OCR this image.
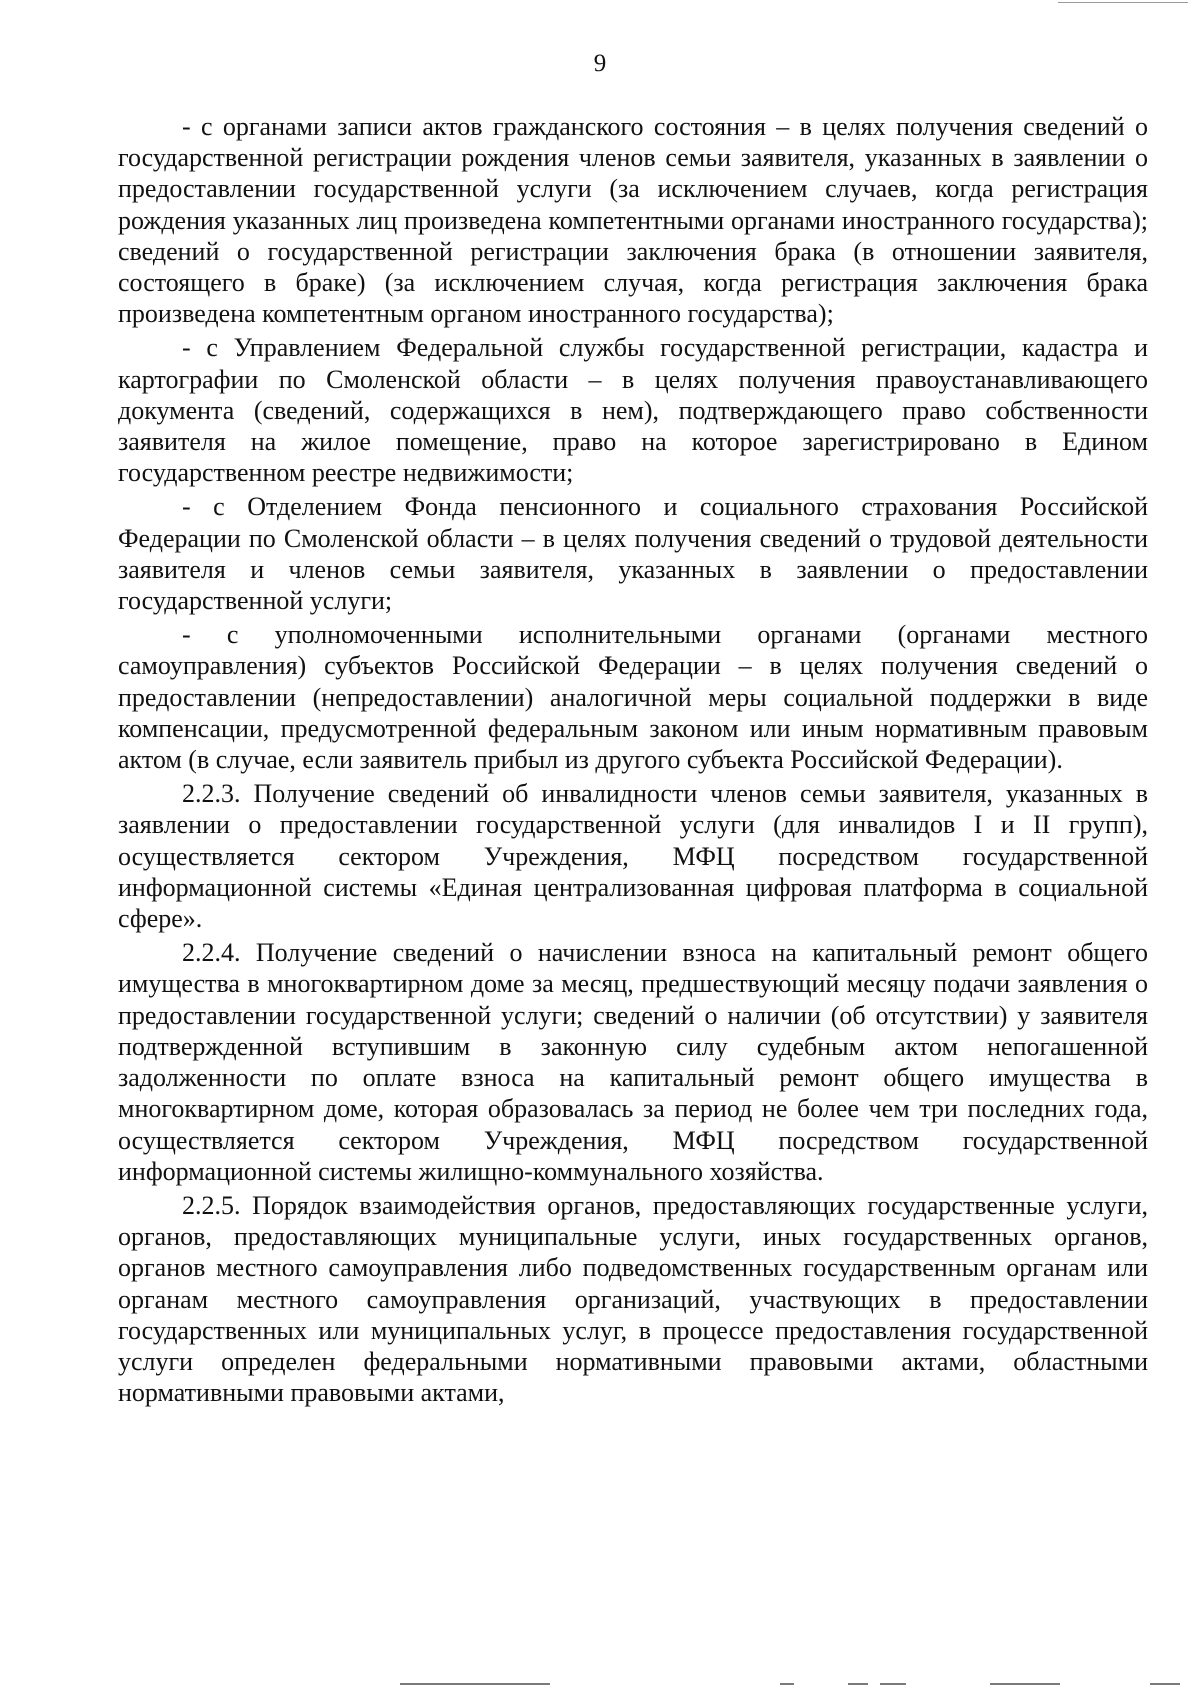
9

- с органами записи актов гражданского состояния – в целях получения сведений о государственной регистрации рождения членов семьи заявителя, указанных в заявлении о предоставлении государственной услуги (за исключением случаев, когда регистрация рождения указанных лиц произведена компетентными органами иностранного государства); сведений о государственной регистрации заключения брака (в отношении заявителя, состоящего в браке) (за исключением случая, когда регистрация заключения брака произведена компетентным органом иностранного государства);

- с Управлением Федеральной службы государственной регистрации, кадастра и картографии по Смоленской области – в целях получения правоустанавливающего документа (сведений, содержащихся в нем), подтверждающего право собственности заявителя на жилое помещение, право на которое зарегистрировано в Едином государственном реестре недвижимости;

- с Отделением Фонда пенсионного и социального страхования Российской Федерации по Смоленской области – в целях получения сведений о трудовой деятельности заявителя и членов семьи заявителя, указанных в заявлении о предоставлении государственной услуги;

- с уполномоченными исполнительными органами (органами местного самоуправления) субъектов Российской Федерации – в целях получения сведений о предоставлении (непредоставлении) аналогичной меры социальной поддержки в виде компенсации, предусмотренной федеральным законом или иным нормативным правовым актом (в случае, если заявитель прибыл из другого субъекта Российской Федерации).

2.2.3. Получение сведений об инвалидности членов семьи заявителя, указанных в заявлении о предоставлении государственной услуги (для инвалидов I и II групп), осуществляется сектором Учреждения, МФЦ посредством государственной информационной системы «Единая централизованная цифровая платформа в социальной сфере».

2.2.4. Получение сведений о начислении взноса на капитальный ремонт общего имущества в многоквартирном доме за месяц, предшествующий месяцу подачи заявления о предоставлении государственной услуги; сведений о наличии (об отсутствии) у заявителя подтвержденной вступившим в законную силу судебным актом непогашенной задолженности по оплате взноса на капитальный ремонт общего имущества в многоквартирном доме, которая образовалась за период не более чем три последних года, осуществляется сектором Учреждения, МФЦ посредством государственной информационной системы жилищно-коммунального хозяйства.

2.2.5. Порядок взаимодействия органов, предоставляющих государственные услуги, органов, предоставляющих муниципальные услуги, иных государственных органов, органов местного самоуправления либо подведомственных государственным органам или органам местного самоуправления организаций, участвующих в предоставлении государственных или муниципальных услуг, в процессе предоставления государственной услуги определен федеральными нормативными правовыми актами, областными нормативными правовыми актами,
